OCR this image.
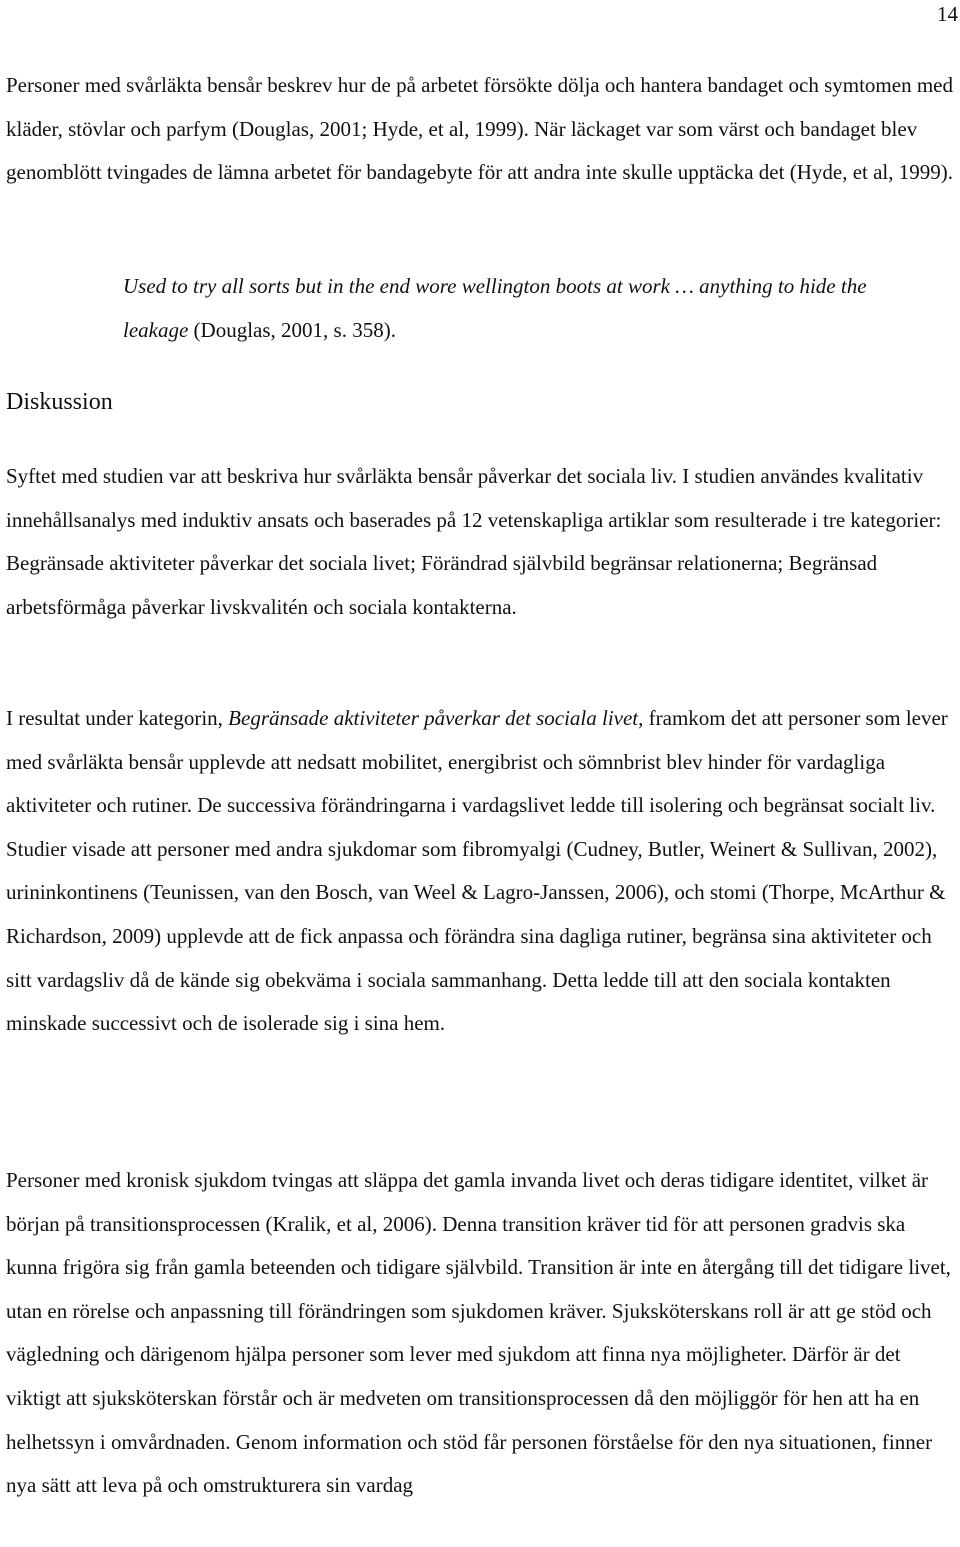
14

Personer med svårläkta bensår beskrev hur de på arbetet försökte dölja och hantera bandaget och symtomen med kläder, stövlar och parfym (Douglas, 2001; Hyde, et al, 1999). När läckaget var som värst och bandaget blev genomblött tvingades de lämna arbetet för bandagebyte för att andra inte skulle upptäcka det (Hyde, et al, 1999).

Used to try all sorts but in the end wore wellington boots at work … anything to hide the leakage (Douglas, 2001, s. 358).

Diskussion

Syftet med studien var att beskriva hur svårläkta bensår påverkar det sociala liv. I studien användes kvalitativ innehållsanalys med induktiv ansats och baserades på 12 vetenskapliga artiklar som resulterade i tre kategorier: Begränsade aktiviteter påverkar det sociala livet; Förändrad självbild begränsar relationerna; Begränsad arbetsförmåga påverkar livskvalitén och sociala kontakterna.

I resultat under kategorin, Begränsade aktiviteter påverkar det sociala livet, framkom det att personer som lever med svårläkta bensår upplevde att nedsatt mobilitet, energibrist och sömnbrist blev hinder för vardagliga aktiviteter och rutiner. De successiva förändringarna i vardagslivet ledde till isolering och begränsat socialt liv. Studier visade att personer med andra sjukdomar som fibromyalgi (Cudney, Butler, Weinert & Sullivan, 2002), urininkontinens (Teunissen, van den Bosch, van Weel & Lagro-Janssen, 2006), och stomi (Thorpe, McArthur & Richardson, 2009) upplevde att de fick anpassa och förändra sina dagliga rutiner, begränsa sina aktiviteter och sitt vardagsliv då de kände sig obekväma i sociala sammanhang. Detta ledde till att den sociala kontakten minskade successivt och de isolerade sig i sina hem.

Personer med kronisk sjukdom tvingas att släppa det gamla invanda livet och deras tidigare identitet, vilket är början på transitionsprocessen (Kralik, et al, 2006). Denna transition kräver tid för att personen gradvis ska kunna frigöra sig från gamla beteenden och tidigare självbild. Transition är inte en återgång till det tidigare livet, utan en rörelse och anpassning till förändringen som sjukdomen kräver. Sjuksköterskans roll är att ge stöd och vägledning och därigenom hjälpa personer som lever med sjukdom att finna nya möjligheter. Därför är det viktigt att sjuksköterskan förstår och är medveten om transitionsprocessen då den möjliggör för hen att ha en helhetssyn i omvårdnaden. Genom information och stöd får personen förståelse för den nya situationen, finner nya sätt att leva på och omstrukturera sin vardag
